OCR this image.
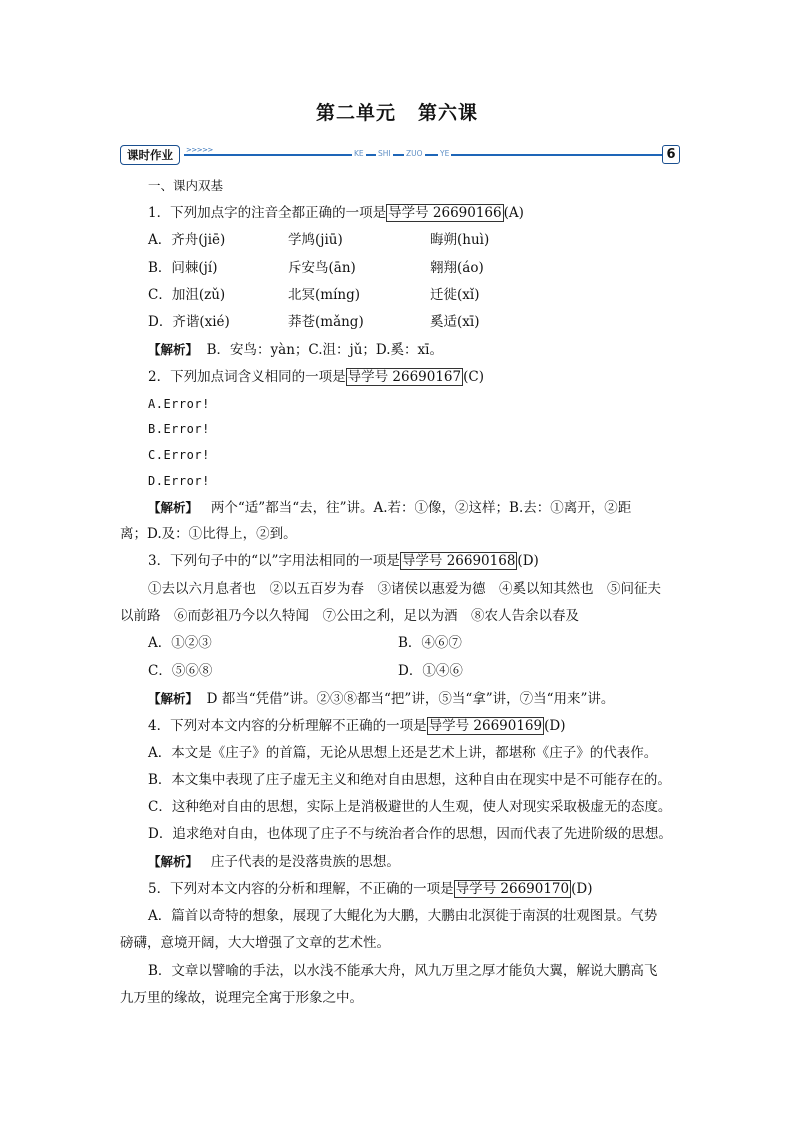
第二单元 第六课
课时作业	>>>>>	KE SHI ZUO YE	6
一、课内双基
1．下列加点字的注音全都正确的一项是 导学号 26690166 (A)
A．齐舟(jiē)	学鸠(jiū)	晦朔(huì)
B．问棘(jí)	斥安鸟(ān)	翱翔(áo)
C．加沮(zǔ)	北冥(míng)	迁徙(xǐ)
D．齐谐(xié)	莽苍(mǎng)	奚适(xī)
【解析】 B．安鸟：yàn；C.沮：jǔ；D.奚：xī。
2．下列加点词含义相同的一项是 导学号 26690167 (C)
A.Error!
B.Error!
C.Error!
D.Error!
【解析】 两个“适”都当“去，往”讲。A.若：①像，②这样；B.去：①离开，②距
离；D.及：①比得上，②到。
3．下列句子中的“以”字用法相同的一项是 导学号 26690168 (D)
①去以六月息者也　②以五百岁为春　③诸侯以惠爱为德　④奚以知其然也　⑤问征夫
以前路　⑥而彭祖乃今以久特闻　⑦公田之利，足以为酒　⑧农人告余以春及
A．①②③	B．④⑥⑦
C．⑤⑥⑧	D．①④⑥
【解析】 D 都当“凭借”讲。②③⑧都当“把”讲，⑤当“拿”讲，⑦当“用来”讲。
4．下列对本文内容的分析理解不正确的一项是 导学号 26690169 (D)
A．本文是《庄子》的首篇，无论从思想上还是艺术上讲，都堪称《庄子》的代表作。
B．本文集中表现了庄子虚无主义和绝对自由思想，这种自由在现实中是不可能存在的。
C．这种绝对自由的思想，实际上是消极避世的人生观，使人对现实采取极虚无的态度。
D．追求绝对自由，也体现了庄子不与统治者合作的思想，因而代表了先进阶级的思想。
【解析】 庄子代表的是没落贵族的思想。
5．下列对本文内容的分析和理解，不正确的一项是 导学号 26690170 (D)
A．篇首以奇特的想象，展现了大鲲化为大鹏，大鹏由北溟徙于南溟的壮观图景。气势
磅礴，意境开阔，大大增强了文章的艺术性。
B．文章以譬喻的手法，以水浅不能承大舟，风九万里之厚才能负大翼，解说大鹏高飞
九万里的缘故，说理完全寓于形象之中。
